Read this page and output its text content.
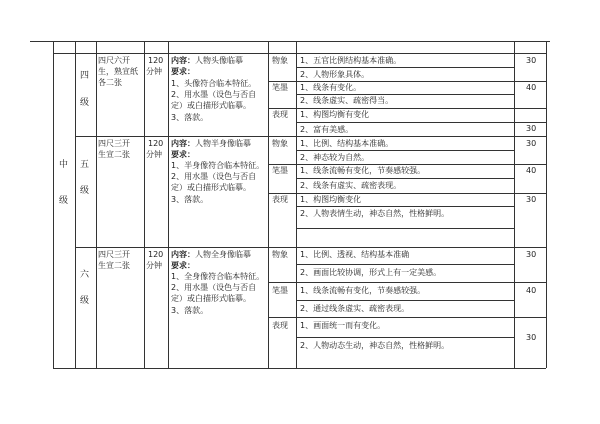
中
级
四
级
四尺六开
生，熟宣纸
各二张
120
分钟
内容：人物头像临摹
要求：
1、头像符合临本特征。
2、用水墨（设色与否自
定）或白描形式临摹。
3、落款。
物象 1、五官比例结构基本准确。
2、人物形象具体。
30
笔墨 1、线条有变化。
2、线条虚实、疏密得当。
40
表现 1、构图均衡有变化
2、富有美感。	30
五
级
四尺三开
生宣二张
120
分钟
内容：人物半身像临摹
要求：
1、半身像符合临本特征。
2、用水墨（设色与否自
定）或白描形式临摹。
3、落款。
物象 1、比例、结构基本准确。
2、神态较为自然。
30
笔墨 1、线条流畅有变化，节奏感较强。
2、线条有虚实、疏密表现。
40
表现 1、构图均衡变化
2、人物表情生动，神态自然，性格鲜明。
30
六
级
四尺三开
生宣二张
120
分钟
内容：人物全身像临摹
要求：
1、全身像符合临本特征。
2、用水墨（设色与否自
定）或白描形式临摹。
3、落款。
物象 1、比例、透视、结构基本准确
2、画面比较协调，形式上有一定美感。
30
笔墨 1、线条流畅有变化，节奏感较强。
2、通过线条虚实、疏密表现。
40
表现 1、画面统一而有变化。
2、人物动态生动，神态自然，性格鲜明。
30
